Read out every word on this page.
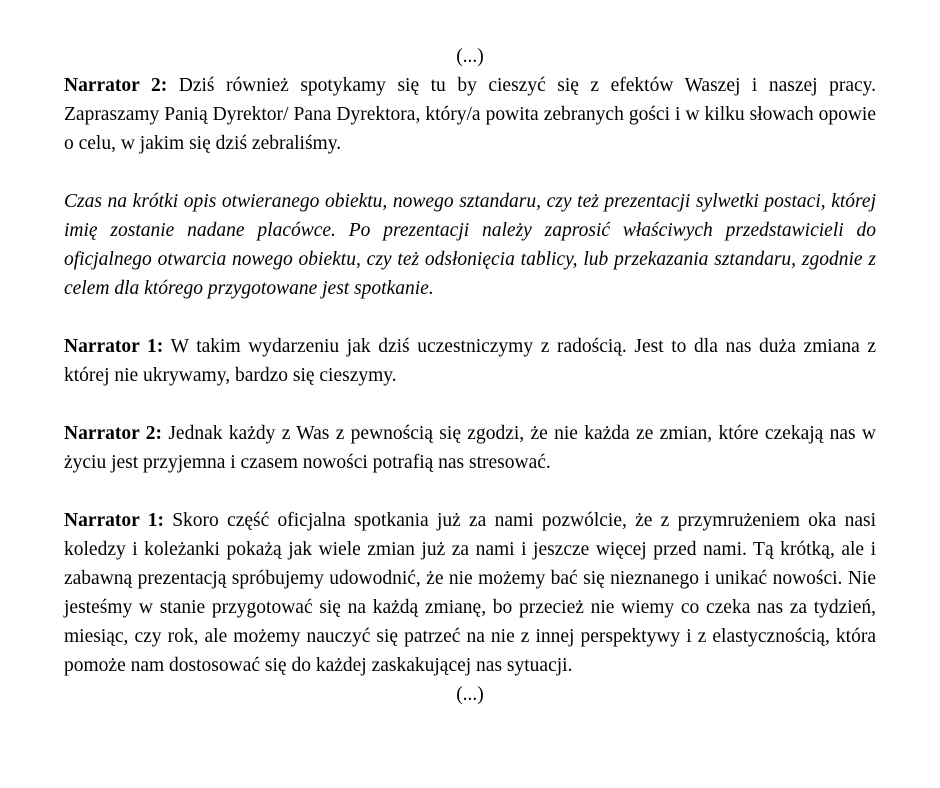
(...)

Narrator 2: Dziś również spotykamy się tu by cieszyć się z efektów Waszej i naszej pracy. Zapraszamy Panią Dyrektor/ Pana Dyrektora, który/a powita zebranych gości i w kilku słowach opowie o celu, w jakim się dziś zebraliśmy.

Czas na krótki opis otwieranego obiektu, nowego sztandaru, czy też prezentacji sylwetki postaci, której imię zostanie nadane placówce. Po prezentacji należy zaprosić właściwych przedstawicieli do oficjalnego otwarcia nowego obiektu, czy też odsłonięcia tablicy, lub przekazania sztandaru, zgodnie z celem dla którego przygotowane jest spotkanie.

Narrator 1: W takim wydarzeniu jak dziś uczestniczymy z radością. Jest to dla nas duża zmiana z której nie ukrywamy, bardzo się cieszymy.

Narrator 2: Jednak każdy z Was z pewnością się zgodzi, że nie każda ze zmian, które czekają nas w życiu jest przyjemna i czasem nowości potrafią nas stresować.

Narrator 1: Skoro część oficjalna spotkania już za nami pozwólcie, że z przymrużeniem oka nasi koledzy i koleżanki pokażą jak wiele zmian już za nami i jeszcze więcej przed nami. Tą krótką, ale i zabawną prezentacją spróbujemy udowodnić, że nie możemy bać się nieznanego i unikać nowości. Nie jesteśmy w stanie przygotować się na każdą zmianę, bo przecież nie wiemy co czeka nas za tydzień, miesiąc, czy rok, ale możemy nauczyć się patrzeć na nie z innej perspektywy i z elastycznością, która pomoże nam dostosować się do każdej zaskakującej nas sytuacji.

(...)
